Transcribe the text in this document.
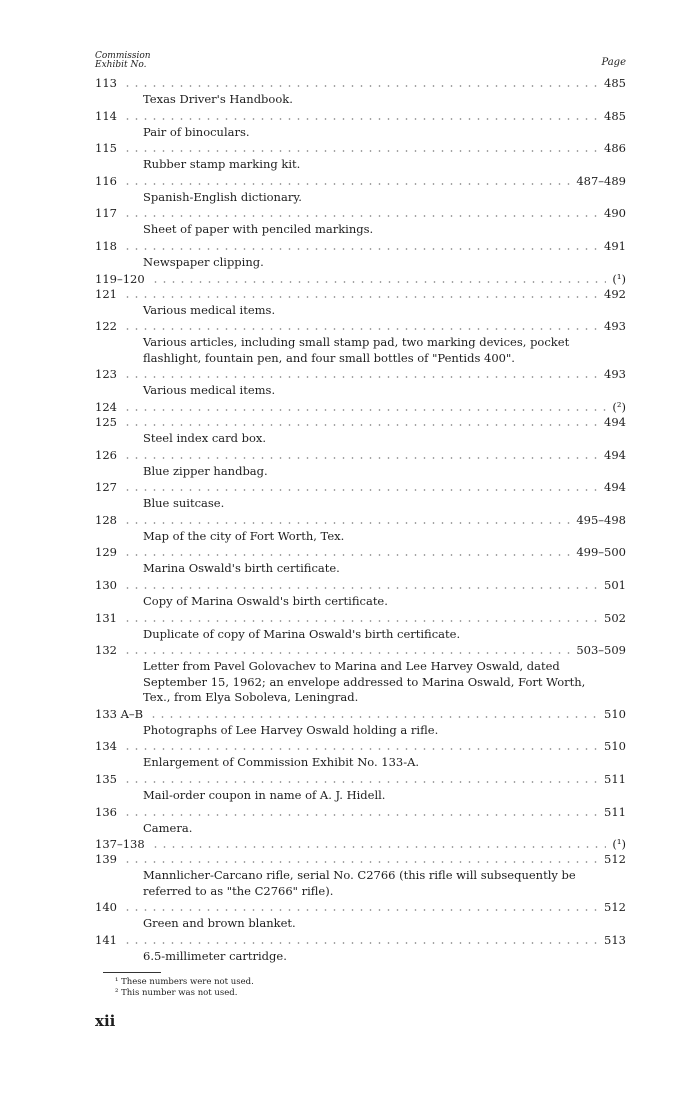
Commission
Exhibit No.	Page
113	485
Texas Driver's Handbook.
114	485
Pair of binoculars.
115	486
Rubber stamp marking kit.
116	487–489
Spanish-English dictionary.
117	490
Sheet of paper with penciled markings.
118	491
Newspaper clipping.
119–120	(¹)
121	492
Various medical items.
122	493
Various articles, including small stamp pad, two marking devices, pocket flashlight, fountain pen, and four small bottles of "Pentids 400".
123	493
Various medical items.
124	(²)
125	494
Steel index card box.
126	494
Blue zipper handbag.
127	494
Blue suitcase.
128	495–498
Map of the city of Fort Worth, Tex.
129	499–500
Marina Oswald's birth certificate.
130	501
Copy of Marina Oswald's birth certificate.
131	502
Duplicate of copy of Marina Oswald's birth certificate.
132	503–509
Letter from Pavel Golovachev to Marina and Lee Harvey Oswald, dated September 15, 1962; an envelope addressed to Marina Oswald, Fort Worth, Tex., from Elya Soboleva, Leningrad.
133 A–B	510
Photographs of Lee Harvey Oswald holding a rifle.
134	510
Enlargement of Commission Exhibit No. 133-A.
135	511
Mail-order coupon in name of A. J. Hidell.
136	511
Camera.
137–138	(¹)
139	512
Mannlicher-Carcano rifle, serial No. C2766 (this rifle will subsequently be referred to as "the C2766" rifle).
140	512
Green and brown blanket.
141	513
6.5-millimeter cartridge.
¹ These numbers were not used.
² This number was not used.
xii
